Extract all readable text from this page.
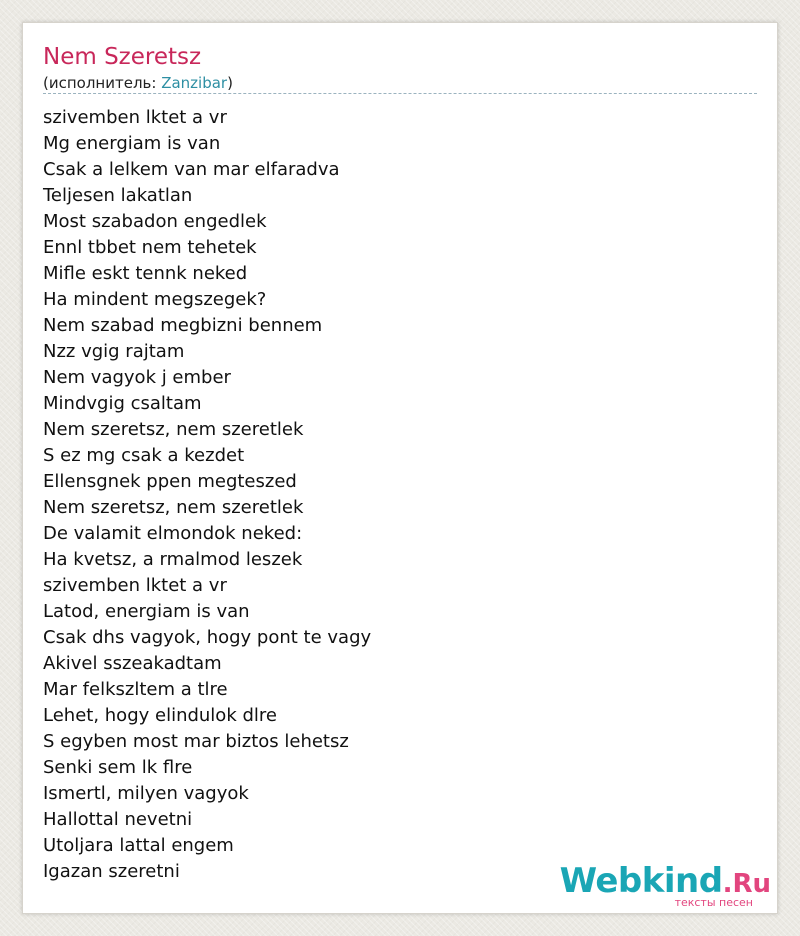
Nem Szeretsz
(исполнитель: Zanzibar)
szivemben lktet a vr
Mg energiam is van
Csak a lelkem van mar elfaradva
Teljesen lakatlan
Most szabadon engedlek
Ennl tbbet nem tehetek
Mifle eskt tennk neked
Ha mindent megszegek?
Nem szabad megbizni bennem
Nzz vgig rajtam
Nem vagyok j ember
Mindvgig csaltam
Nem szeretsz, nem szeretlek
S ez mg csak a kezdet
Ellensgnek ppen megteszed
Nem szeretsz, nem szeretlek
De valamit elmondok neked:
Ha kvetsz, a rmalmod leszek
szivemben lktet a vr
Latod, energiam is van
Csak dhs vagyok, hogy pont te vagy
Akivel sszeakadtam
Mar felkszltem a tlre
Lehet, hogy elindulok dlre
S egyben most mar biztos lehetsz
Senki sem lk flre
Ismertl, milyen vagyok
Hallottal nevetni
Utoljara lattal engem
Igazan szeretni	Webkind.Ru
тексты песен
